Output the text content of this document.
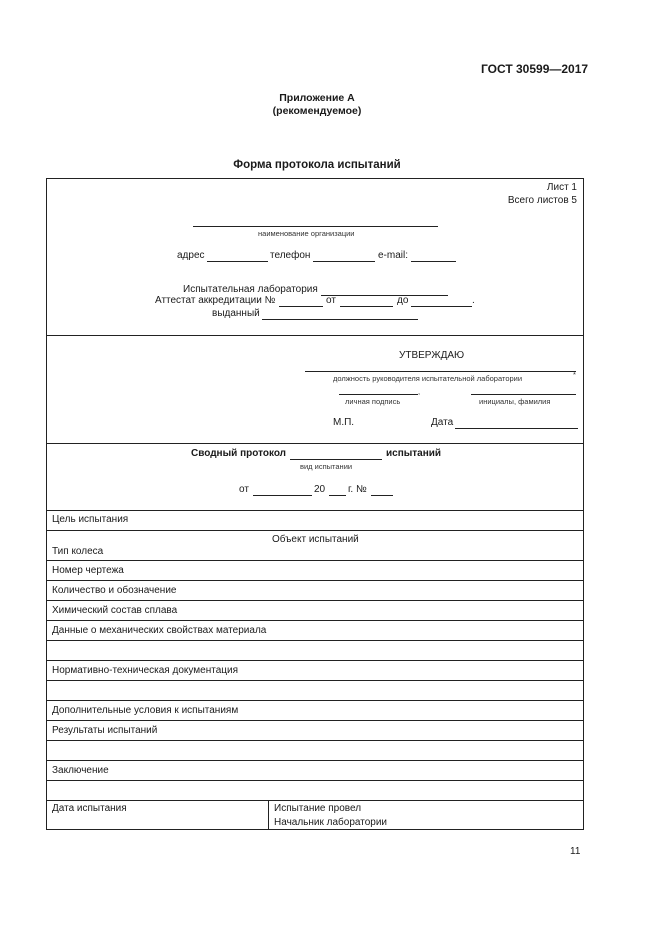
ГОСТ 30599—2017
Приложение А
(рекомендуемое)
Форма протокола испытаний
Лист 1
Всего листов 5
наименование организации
адрес	телефон	e-mail:
Испытательная лаборатория
Аттестат аккредитации №	от	до	.
выданный
УТВЕРЖДАЮ
должность руководителя испытательной лаборатории	*
,
личная подпись	инициалы, фамилия
М.П.	Дата
Сводный протокол	испытаний
вид испытании
от	20 г. №
Цель испытания
Объект испытаний
Тип колеса
Номер чертежа
Количество и обозначение
Химический состав сплава
Данные о механических свойствах материала
Нормативно-техническая документация
Дополнительные условия к испытаниям
Результаты испытаний
Заключение
Дата испытания	Испытание провел
Начальник лаборатории
11
